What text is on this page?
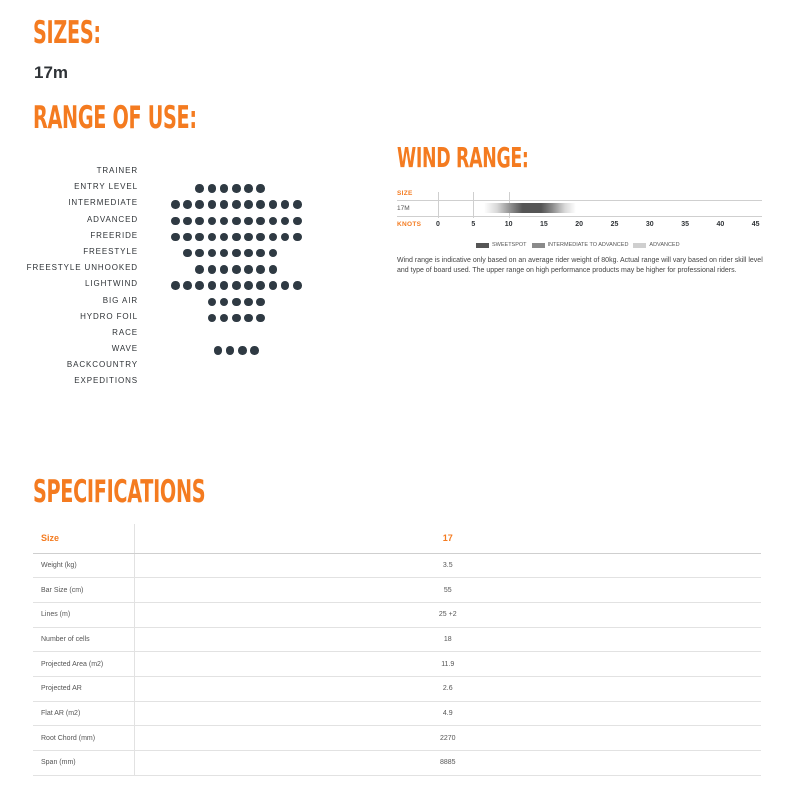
SIZES:
17m
RANGE OF USE:
TRAINER
ENTRY LEVEL
INTERMEDIATE
ADVANCED
FREERIDE
FREESTYLE
FREESTYLE UNHOOKED
LIGHTWIND
BIG AIR
HYDRO FOIL
RACE
WAVE
BACKCOUNTRY
EXPEDITIONS
WIND RANGE:
SIZE
17M
KNOTS 0	5	10	15	20	25	30	35	40	45
SWEETSPOT	INTERMEDIATE TO ADVANCED	ADVANCED
Wind range is indicative only based on an average rider weight of 80kg. Actual range will vary based on rider skill level and type of board used. The upper range on high performance products may be higher for professional riders.
SPECIFICATIONS
Size	17
Weight (kg)	3.5
Bar Size (cm)	55
Lines (m)	25 +2
Number of cells	18
Projected Area (m2)	11.9
Projected AR	2.6
Flat AR (m2)	4.9
Root Chord (mm)	2270
Span (mm)	8885
